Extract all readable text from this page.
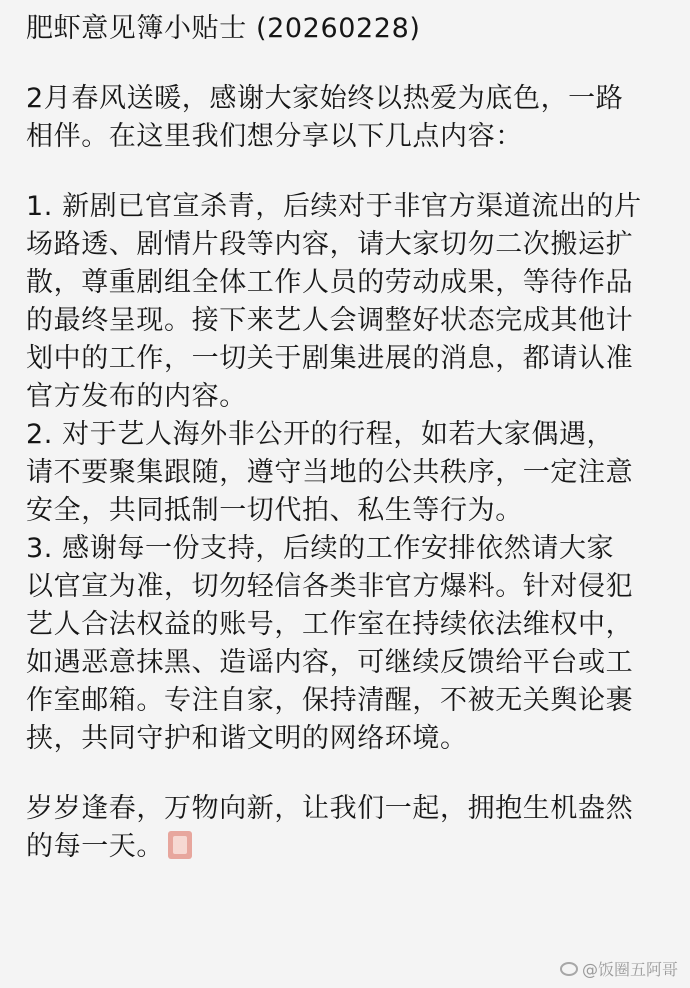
肥虾意见簿小贴士 (20260228)
2月春风送暖，感谢大家始终以热爱为底色，一路
相伴。在这里我们想分享以下几点内容：
1. 新剧已官宣杀青，后续对于非官方渠道流出的片
场路透、剧情片段等内容，请大家切勿二次搬运扩
散，尊重剧组全体工作人员的劳动成果，等待作品
的最终呈现。接下来艺人会调整好状态完成其他计
划中的工作，一切关于剧集进展的消息，都请认准
官方发布的内容。
2. 对于艺人海外非公开的行程，如若大家偶遇，
请不要聚集跟随，遵守当地的公共秩序，一定注意
安全，共同抵制一切代拍、私生等行为。
3. 感谢每一份支持，后续的工作安排依然请大家
以官宣为准，切勿轻信各类非官方爆料。针对侵犯
艺人合法权益的账号，工作室在持续依法维权中，
如遇恶意抹黑、造谣内容，可继续反馈给平台或工
作室邮箱。专注自家，保持清醒，不被无关舆论裹
挟，共同守护和谐文明的网络环境。
岁岁逢春，万物向新，让我们一起，拥抱生机盎然
的每一天。
@饭圈五阿哥
